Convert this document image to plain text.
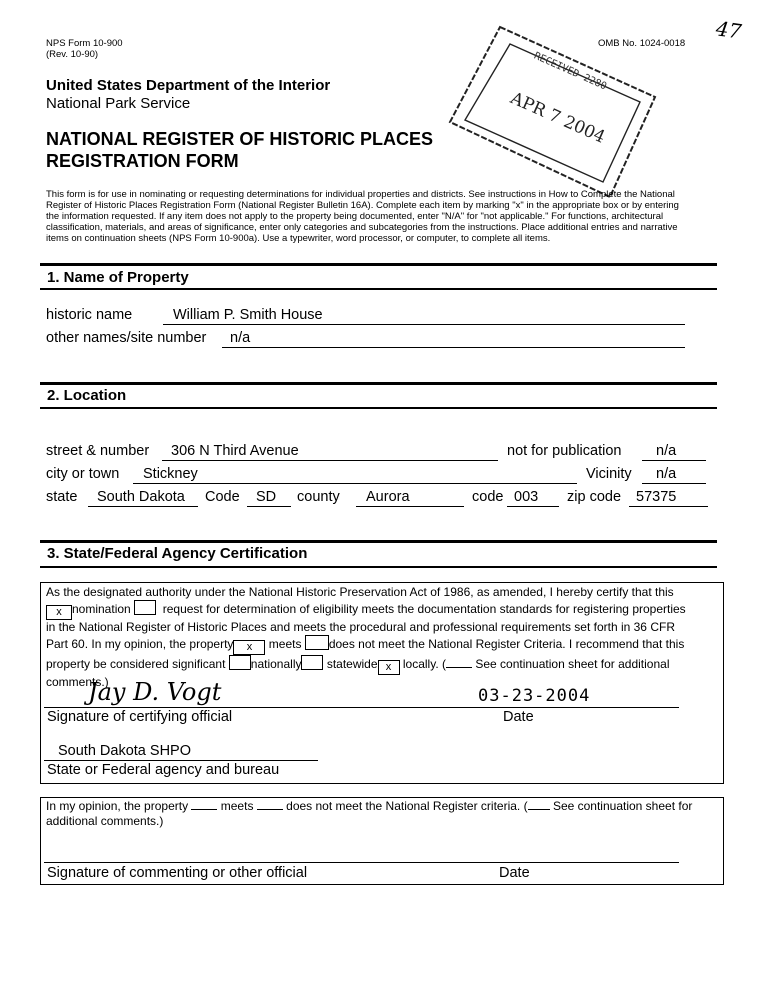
NPS Form 10-900
(Rev. 10-90)
OMB No. 1024-0018 47
United States Department of the Interior
National Park Service
NATIONAL REGISTER OF HISTORIC PLACES
REGISTRATION FORM
RECEIVED 2280
APR 7 2004
This form is for use in nominating or requesting determinations for individual properties and districts. See instructions in How to Complete the National
Register of Historic Places Registration Form (National Register Bulletin 16A). Complete each item by marking "x" in the appropriate box or by entering
the information requested. If any item does not apply to the property being documented, enter "N/A" for "not applicable." For functions, architectural
classification, materials, and areas of significance, enter only categories and subcategories from the instructions. Place additional entries and narrative
items on continuation sheets (NPS Form 10-900a). Use a typewriter, word processor, or computer, to complete all items.
1. Name of Property
historic name	William P. Smith House
other names/site number n/a
2. Location
street & number 306 N Third Avenue	not for publication n/a
city or town Stickney	Vicinity n/a
state South Dakota Code SD county Aurora	code 003 zip code 57375
3. State/Federal Agency Certification
As the designated authority under the National Historic Preservation Act of 1986, as amended, I hereby certify that this
x nomination	request for determination of eligibility meets the documentation standards for registering properties
in the National Register of Historic Places and meets the procedural and professional requirements set forth in 36 CFR
Part 60. In my opinion, the property x meets does not meet the National Register Criteria. I recommend that this
property be considered significant nationally statewide x locally. ( See continuation sheet for additional
comments.)
Jay D. Vogt	03-23-2004
Signature of certifying official	Date
South Dakota SHPO
State or Federal agency and bureau
In my opinion, the property	meets	does not meet the National Register criteria. ( See continuation sheet for
additional comments.)
Signature of commenting or other official	Date
